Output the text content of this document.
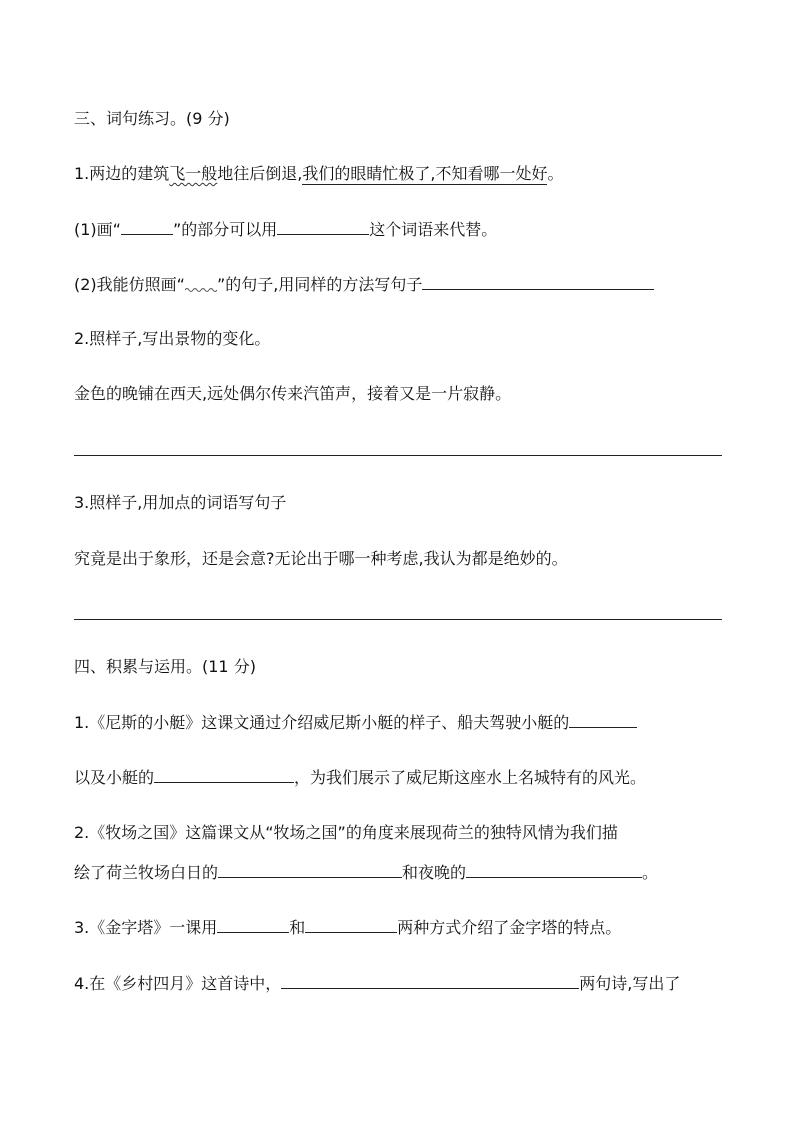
三、词句练习。(9 分)
1.两边的建筑飞一般地往后倒退,我们的眼睛忙极了,不知看哪一处好。
(1)画“	”的部分可以用	这个词语来代替。
(2)我能仿照画“ ”的句子,用同样的方法写句子
2.照样子,写出景物的变化。
金色的晚铺在西天,远处偶尔传来汽笛声，接着又是一片寂静。
3.照样子,用加点的词语写句子
究竟是出于象形，还是会意?无论出于哪一种考虑,我认为都是绝妙的。
四、积累与运用。(11 分)
1.《尼斯的小艇》这课文通过介绍威尼斯小艇的样子、船夫驾驶小艇的
以及小艇的	，为我们展示了威尼斯这座水上名城特有的风光。
2.《牧场之国》这篇课文从“牧场之国”的角度来展现荷兰的独特风情为我们描
绘了荷兰牧场白日的	和夜晚的	。
3.《金字塔》一课用	和	两种方式介绍了金字塔的特点。
4.在《乡村四月》这首诗中，	两句诗,写出了
